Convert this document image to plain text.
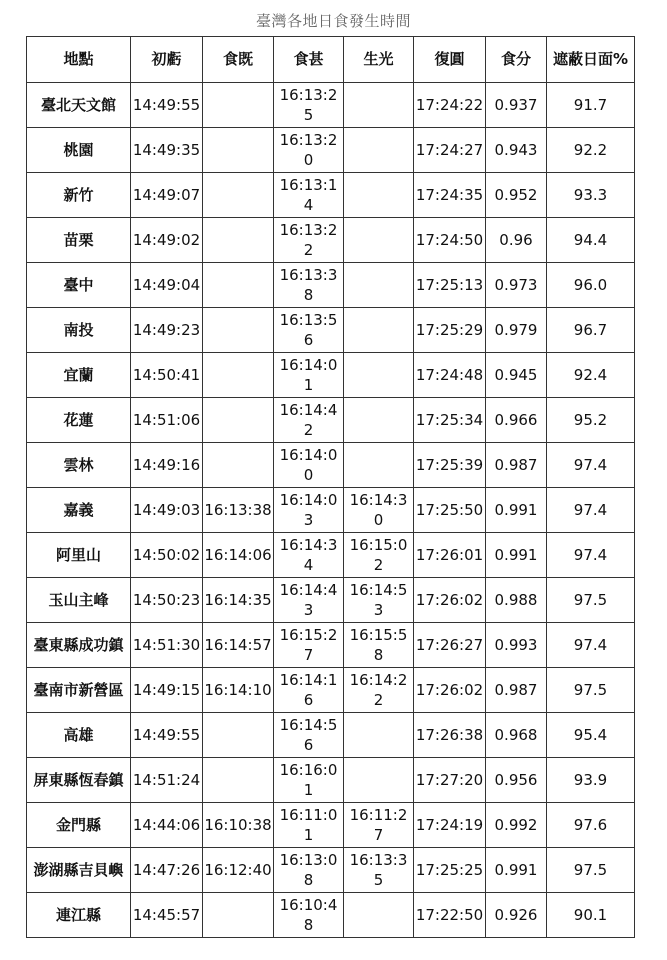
臺灣各地日食發生時間
地點	初虧	食既	食甚	生光	復圓	食分	遮蔽日面%
臺北天文館	14:49:55		16:13:25		17:24:22	0.937	91.7
桃園	14:49:35		16:13:20		17:24:27	0.943	92.2
新竹	14:49:07		16:13:14		17:24:35	0.952	93.3
苗栗	14:49:02		16:13:22		17:24:50	0.96	94.4
臺中	14:49:04		16:13:38		17:25:13	0.973	96.0
南投	14:49:23		16:13:56		17:25:29	0.979	96.7
宜蘭	14:50:41		16:14:01		17:24:48	0.945	92.4
花蓮	14:51:06		16:14:42		17:25:34	0.966	95.2
雲林	14:49:16		16:14:00		17:25:39	0.987	97.4
嘉義	14:49:03	16:13:38	16:14:03	16:14:30	17:25:50	0.991	97.4
阿里山	14:50:02	16:14:06	16:14:34	16:15:02	17:26:01	0.991	97.4
玉山主峰	14:50:23	16:14:35	16:14:43	16:14:53	17:26:02	0.988	97.5
臺東縣成功鎮	14:51:30	16:14:57	16:15:27	16:15:58	17:26:27	0.993	97.4
臺南市新營區	14:49:15	16:14:10	16:14:16	16:14:22	17:26:02	0.987	97.5
高雄	14:49:55		16:14:56		17:26:38	0.968	95.4
屏東縣恆春鎮	14:51:24		16:16:01		17:27:20	0.956	93.9
金門縣	14:44:06	16:10:38	16:11:01	16:11:27	17:24:19	0.992	97.6
澎湖縣吉貝嶼	14:47:26	16:12:40	16:13:08	16:13:35	17:25:25	0.991	97.5
連江縣	14:45:57		16:10:48		17:22:50	0.926	90.1
